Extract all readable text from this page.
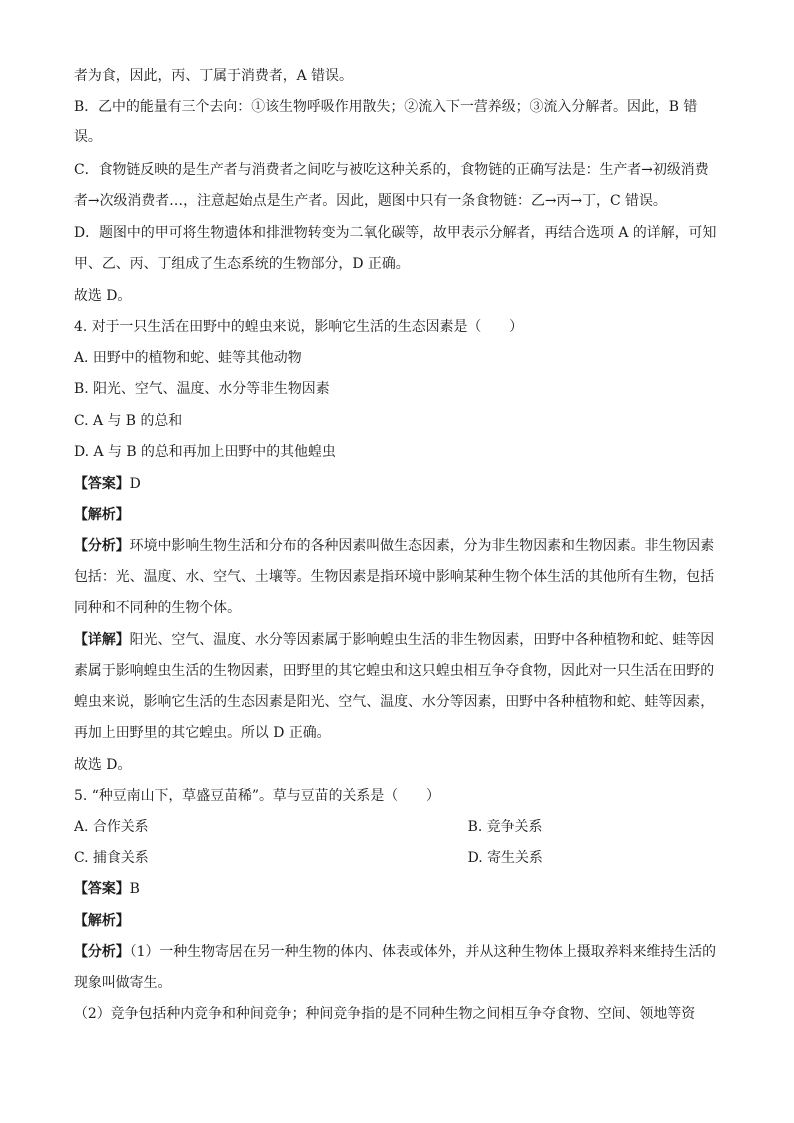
者为食，因此，丙、丁属于消费者，A 错误。
B．乙中的能量有三个去向：①该生物呼吸作用散失；②流入下一营养级；③流入分解者。因此，B 错
误。
C．食物链反映的是生产者与消费者之间吃与被吃这种关系的，食物链的正确写法是：生产者→初级消费
者→次级消费者…，注意起始点是生产者。因此，题图中只有一条食物链：乙→丙→丁，C 错误。
D．题图中的甲可将生物遗体和排泄物转变为二氧化碳等，故甲表示分解者，再结合选项 A 的详解，可知
甲、乙、丙、丁组成了生态系统的生物部分，D 正确。
故选 D。
4. 对于一只生活在田野中的蝗虫来说，影响它生活的生态因素是（　　）
A. 田野中的植物和蛇、蛙等其他动物
B. 阳光、空气、温度、水分等非生物因素
C. A 与 B 的总和
D. A 与 B 的总和再加上田野中的其他蝗虫
【答案】D
【解析】
【分析】环境中影响生物生活和分布的各种因素叫做生态因素，分为非生物因素和生物因素。非生物因素
包括：光、温度、水、空气、土壤等。生物因素是指环境中影响某种生物个体生活的其他所有生物，包括
同种和不同种的生物个体。
【详解】阳光、空气、温度、水分等因素属于影响蝗虫生活的非生物因素，田野中各种植物和蛇、蛙等因
素属于影响蝗虫生活的生物因素，田野里的其它蝗虫和这只蝗虫相互争夺食物，因此对一只生活在田野的
蝗虫来说，影响它生活的生态因素是阳光、空气、温度、水分等因素，田野中各种植物和蛇、蛙等因素，
再加上田野里的其它蝗虫。所以 D 正确。
故选 D。
5. “种豆南山下，草盛豆苗稀”。草与豆苗的关系是（　　）
A. 合作关系	B. 竞争关系
C. 捕食关系	D. 寄生关系
【答案】B
【解析】
【分析】（1）一种生物寄居在另一种生物的体内、体表或体外，并从这种生物体上摄取养料来维持生活的
现象叫做寄生。
（2）竞争包括种内竞争和种间竞争；种间竞争指的是不同种生物之间相互争夺食物、空间、领地等资
